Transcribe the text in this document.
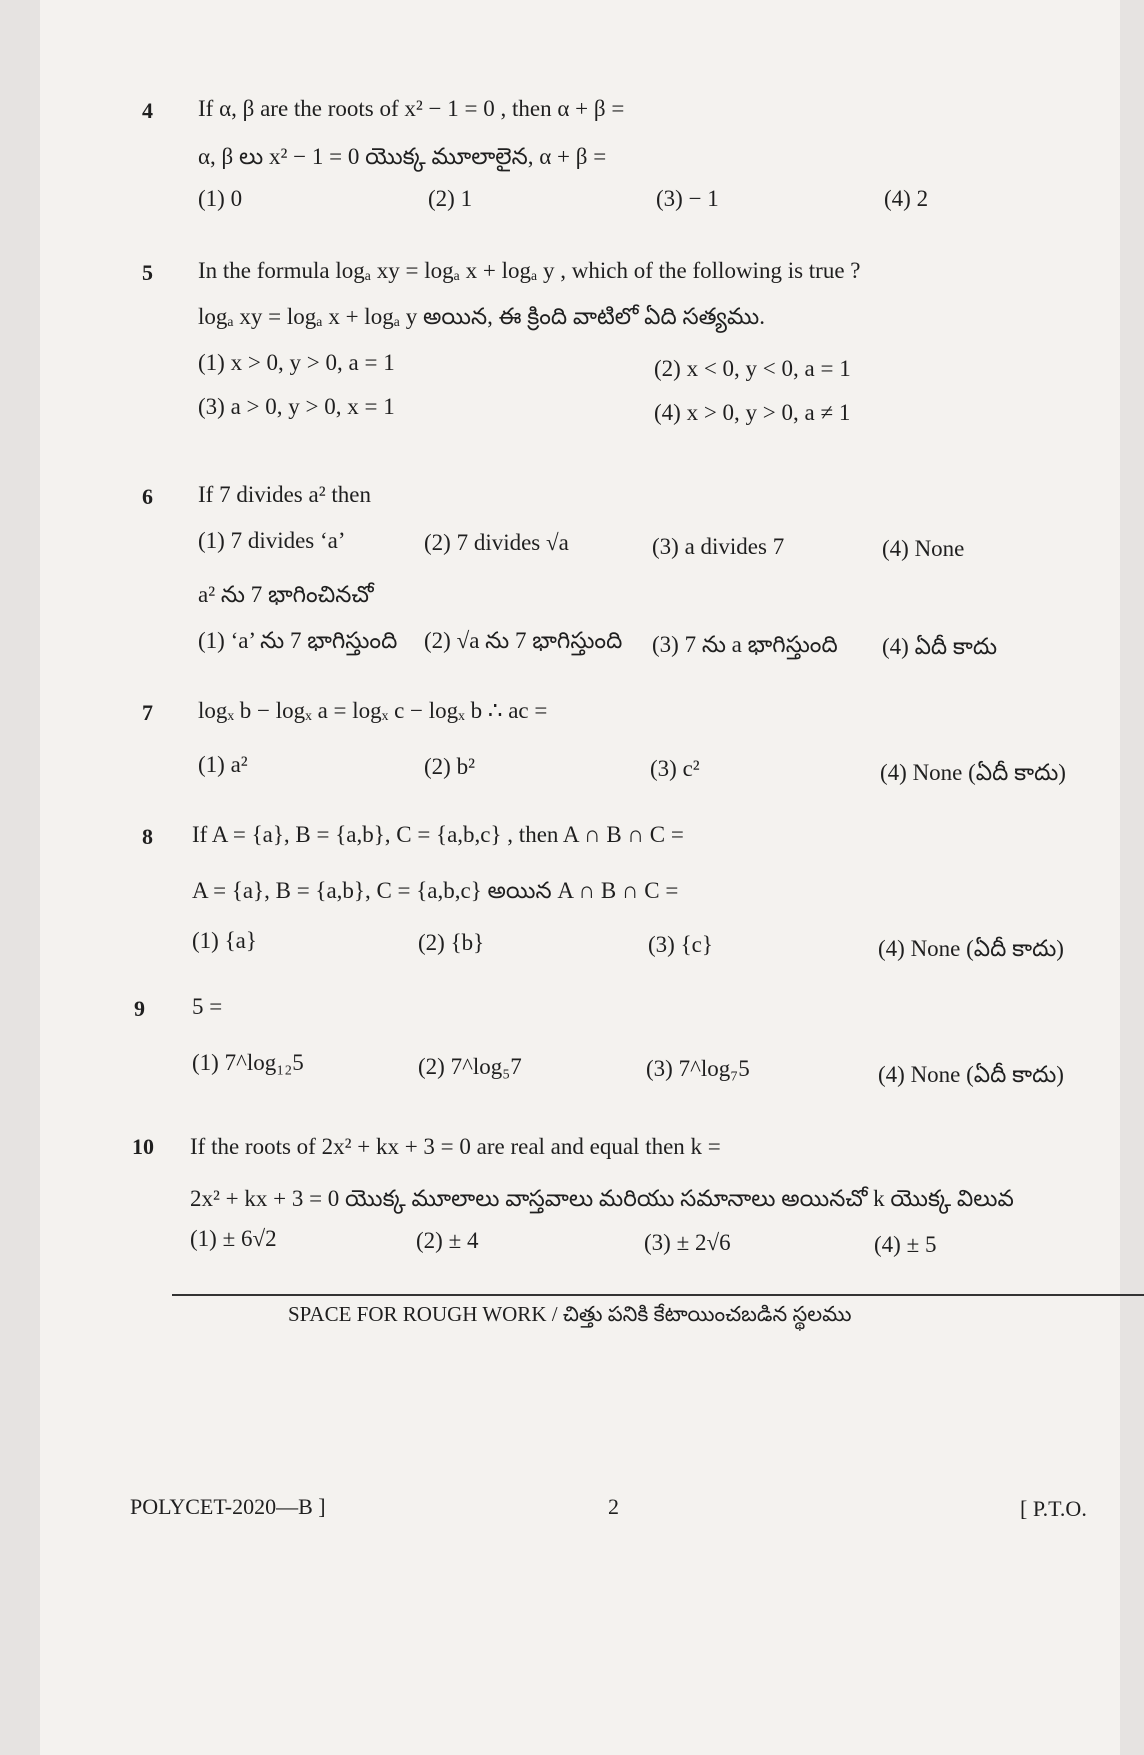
4 If α, β are the roots of x² − 1 = 0 , then α + β =
α, β లు x² − 1 = 0 యొక్క మూలాలైన, α + β =
(1) 0	(2) 1	(3) − 1	(4) 2
5 In the formula logₐ xy = logₐ x + logₐ y , which of the following is true ?
logₐ xy = logₐ x + logₐ y అయిన, ఈ క్రింది వాటిలో ఏది సత్యము.
(1) x > 0, y > 0, a = 1	(2) x < 0, y < 0, a = 1
(3) a > 0, y > 0, x = 1	(4) x > 0, y > 0, a ≠ 1
6 If 7 divides a² then
(1) 7 divides ‘a’	(2) 7 divides √a	(3) a divides 7	(4) None
a² ను 7 భాగించినచో
(1) ‘a’ ను 7 భాగిస్తుంది (2) √a ను 7 భాగిస్తుంది (3) 7 ను a భాగిస్తుంది (4) ఏదీ కాదు
7 logₓ b − logₓ a = logₓ c − logₓ b ∴ ac =
(1) a²	(2) b²	(3) c²	(4) None (ఏదీ కాదు)
8 If A = {a}, B = {a,b}, C = {a,b,c} , then A ∩ B ∩ C =
A = {a}, B = {a,b}, C = {a,b,c} అయిన A ∩ B ∩ C =
(1) {a}	(2) {b}	(3) {c}	(4) None (ఏదీ కాదు)
9 5 =
(1) 7^log₁₂5	(2) 7^log₅7	(3) 7^log₇5	(4) None (ఏదీ కాదు)
10 If the roots of 2x² + kx + 3 = 0 are real and equal then k =
2x² + kx + 3 = 0 యొక్క మూలాలు వాస్తవాలు మరియు సమానాలు అయినచో k యొక్క విలువ
(1) ± 6√2	(2) ± 4	(3) ± 2√6	(4) ± 5
SPACE FOR ROUGH WORK / చిత్తు పనికి కేటాయించబడిన స్థలము
POLYCET-2020—B ]	2	[ P.T.O.
